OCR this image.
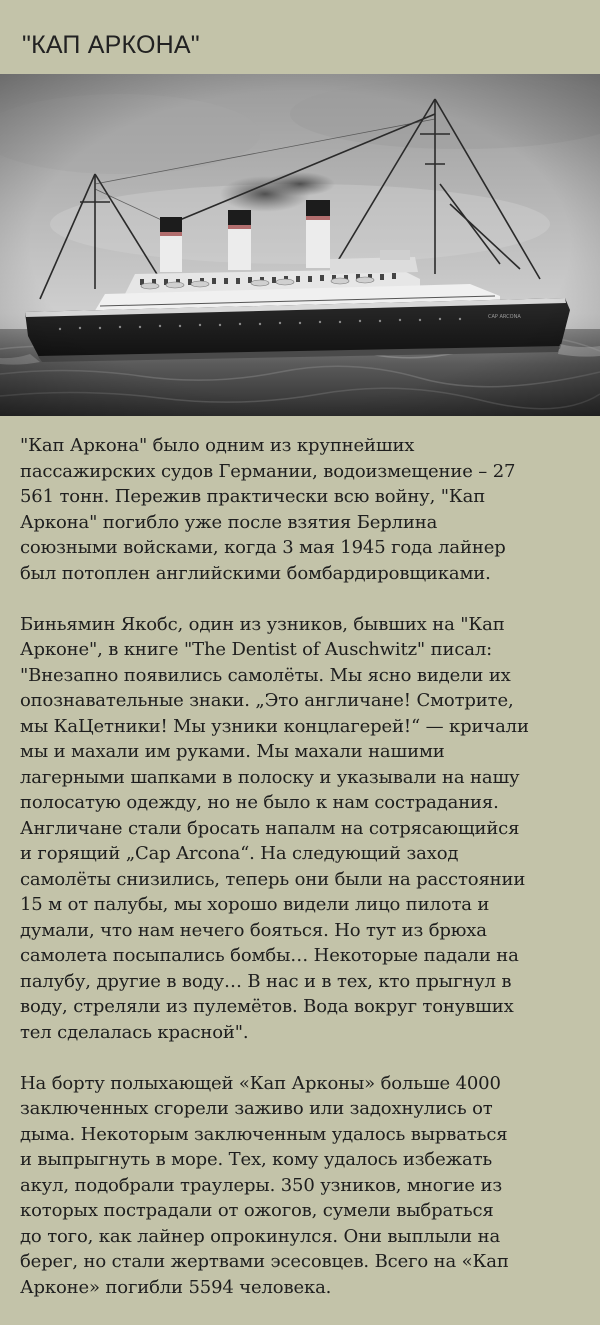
"КАП АРКОНА"

"Кап Аркона" было одним из крупнейших
пассажирских судов Германии, водоизмещение – 27
561 тонн. Пережив практически всю войну, "Кап
Аркона" погибло уже после взятия Берлина
союзными войсками, когда 3 мая 1945 года лайнер
был потоплен английскими бомбардировщиками.

Биньямин Якобс, один из узников, бывших на "Кап
Арконе", в книге "The Dentist of Auschwitz" писал:
"Внезапно появились самолёты. Мы ясно видели их
опознавательные знаки. „Это англичане! Смотрите,
мы КаЦетники! Мы узники концлагерей!“ — кричали
мы и махали им руками. Мы махали нашими
лагерными шапками в полоску и указывали на нашу
полосатую одежду, но не было к нам сострадания.
Англичане стали бросать напалм на сотрясающийся
и горящий „Cap Arcona“. На следующий заход
самолёты снизились, теперь они были на расстоянии
15 м от палубы, мы хорошо видели лицо пилота и
думали, что нам нечего бояться. Но тут из брюха
самолета посыпались бомбы… Некоторые падали на
палубу, другие в воду… В нас и в тех, кто прыгнул в
воду, стреляли из пулемётов. Вода вокруг тонувших
тел сделалась красной".

На борту полыхающей «Кап Арконы» больше 4000
заключенных сгорели заживо или задохнулись от
дыма. Некоторым заключенным удалось вырваться
и выпрыгнуть в море. Тех, кому удалось избежать
акул, подобрали траулеры. 350 узников, многие из
которых пострадали от ожогов, сумели выбраться
до того, как лайнер опрокинулся. Они выплыли на
берег, но стали жертвами эсесовцев. Всего на «Кап
Арконе» погибли 5594 человека.
